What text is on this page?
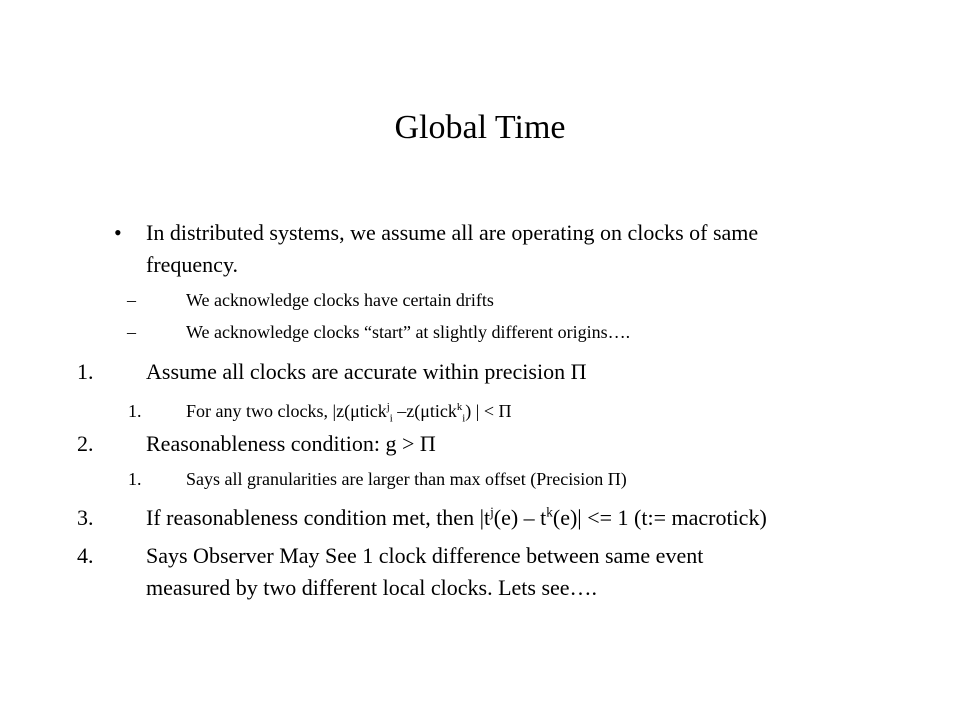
Global Time
• In distributed systems, we assume all are operating on clocks of same
frequency.
–	We acknowledge clocks have certain drifts
–	We acknowledge clocks “start” at slightly different origins….
1. Assume all clocks are accurate within precision Π
1. For any two clocks, |z(μtick$^j_i$ –z(μtick$^k_i$) | < Π
2. Reasonableness condition: g > Π
1. Says all granularities are larger than max offset (Precision Π)
3. If reasonableness condition met, then $|t^j(e) - t^k(e)| <= 1$ (t:= macrotick)
4. Says Observer May See 1 clock difference between same event
measured by two different local clocks. Lets see….
